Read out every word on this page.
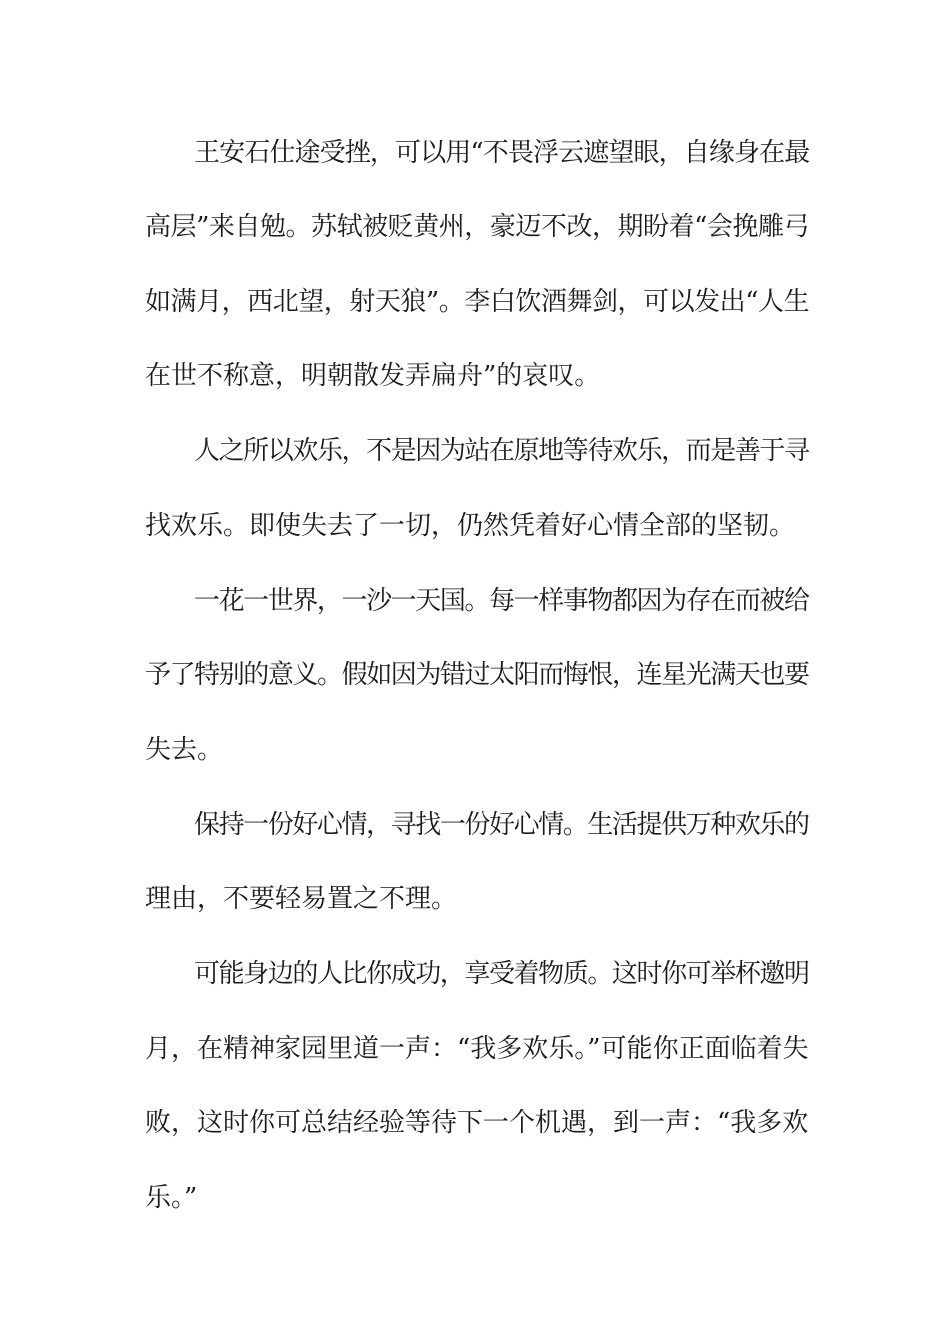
王安石仕途受挫，可以用“不畏浮云遮望眼，自缘身在最
高层”来自勉。苏轼被贬黄州，豪迈不改，期盼着“会挽雕弓
如满月，西北望，射天狼”。李白饮酒舞剑，可以发出“人生
在世不称意，明朝散发弄扁舟”的哀叹。
人之所以欢乐，不是因为站在原地等待欢乐，而是善于寻
找欢乐。即使失去了一切，仍然凭着好心情全部的坚韧。
一花一世界，一沙一天国。每一样事物都因为存在而被给
予了特别的意义。假如因为错过太阳而悔恨，连星光满天也要
失去。
保持一份好心情，寻找一份好心情。生活提供万种欢乐的
理由，不要轻易置之不理。
可能身边的人比你成功，享受着物质。这时你可举杯邀明
月，在精神家园里道一声：“我多欢乐。”可能你正面临着失
败，这时你可总结经验等待下一个机遇，到一声：“我多欢
乐。”
